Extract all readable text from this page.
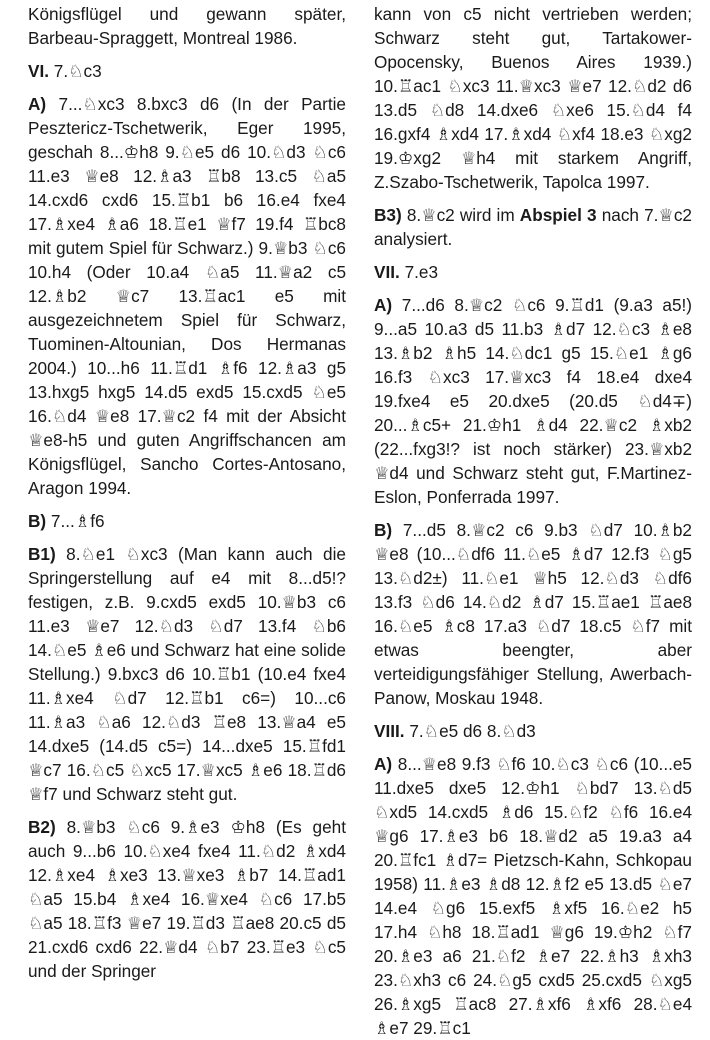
Königsflügel und gewann später, Barbeau-Spraggett, Montreal 1986.

VI. 7.♘c3

A) 7...♘xc3 8.bxc3 d6 (In der Partie Pesztericz-Tschetwerik, Eger 1995, geschah 8...♔h8 9.♘e5 d6 10.♘d3 ♘c6 11.e3 ♕e8 12.♗a3 ♖b8 13.c5 ♘a5 14.cxd6 cxd6 15.♖b1 b6 16.e4 fxe4 17.♗xe4 ♗a6 18.♖e1 ♕f7 19.f4 ♖bc8 mit gutem Spiel für Schwarz.) 9.♕b3 ♘c6 10.h4 (Oder 10.a4 ♘a5 11.♕a2 c5 12.♗b2 ♕c7 13.♖ac1 e5 mit ausgezeichnetem Spiel für Schwarz, Tuominen-Altounian, Dos Hermanas 2004.) 10...h6 11.♖d1 ♗f6 12.♗a3 g5 13.hxg5 hxg5 14.d5 exd5 15.cxd5 ♘e5 16.♘d4 ♕e8 17.♕c2 f4 mit der Absicht ♕e8-h5 und guten Angriffschancen am Königsflügel, Sancho Cortes-Antosano, Aragon 1994.

B) 7...♗f6

B1) 8.♘e1 ♘xc3 (Man kann auch die Springerstellung auf e4 mit 8...d5!? festigen, z.B. 9.cxd5 exd5 10.♕b3 c6 11.e3 ♕e7 12.♘d3 ♘d7 13.f4 ♘b6 14.♘e5 ♗e6 und Schwarz hat eine solide Stellung.) 9.bxc3 d6 10.♖b1 (10.e4 fxe4 11.♗xe4 ♘d7 12.♖b1 c6=) 10...c6 11.♗a3 ♘a6 12.♘d3 ♖e8 13.♕a4 e5 14.dxe5 (14.d5 c5=) 14...dxe5 15.♖fd1 ♕c7 16.♘c5 ♘xc5 17.♕xc5 ♗e6 18.♖d6 ♕f7 und Schwarz steht gut.

B2) 8.♕b3 ♘c6 9.♗e3 ♔h8 (Es geht auch 9...b6 10.♘xe4 fxe4 11.♘d2 ♗xd4 12.♗xe4 ♗xe3 13.♕xe3 ♗b7 14.♖ad1 ♘a5 15.b4 ♗xe4 16.♕xe4 ♘c6 17.b5 ♘a5 18.♖f3 ♕e7 19.♖d3 ♖ae8 20.c5 d5 21.cxd6 cxd6 22.♕d4 ♘b7 23.♖e3 ♘c5 und der Springer

kann von c5 nicht vertrieben werden; Schwarz steht gut, Tartakower-Opocensky, Buenos Aires 1939.) 10.♖ac1 ♘xc3 11.♕xc3 ♕e7 12.♘d2 d6 13.d5 ♘d8 14.dxe6 ♘xe6 15.♘d4 f4 16.gxf4 ♗xd4 17.♗xd4 ♘xf4 18.e3 ♘xg2 19.♔xg2 ♕h4 mit starkem Angriff, Z.Szabo-Tschetwerik, Tapolca 1997.

B3) 8.♕c2 wird im Abspiel 3 nach 7.♕c2 analysiert.

VII. 7.e3

A) 7...d6 8.♕c2 ♘c6 9.♖d1 (9.a3 a5!) 9...a5 10.a3 d5 11.b3 ♗d7 12.♘c3 ♗e8 13.♗b2 ♗h5 14.♘dc1 g5 15.♘e1 ♗g6 16.f3 ♘xc3 17.♕xc3 f4 18.e4 dxe4 19.fxe4 e5 20.dxe5 (20.d5 ♘d4∓) 20...♗c5+ 21.♔h1 ♗d4 22.♕c2 ♗xb2 (22...fxg3!? ist noch stärker) 23.♕xb2 ♕d4 und Schwarz steht gut, F.Martinez-Eslon, Ponferrada 1997.

B) 7...d5 8.♕c2 c6 9.b3 ♘d7 10.♗b2 ♕e8 (10...♘df6 11.♘e5 ♗d7 12.f3 ♘g5 13.♘d2±) 11.♘e1 ♕h5 12.♘d3 ♘df6 13.f3 ♘d6 14.♘d2 ♗d7 15.♖ae1 ♖ae8 16.♘e5 ♗c8 17.a3 ♘d7 18.c5 ♘f7 mit etwas beengter, aber verteidigungsfähiger Stellung, Awerbach-Panow, Moskau 1948.

VIII. 7.♘e5 d6 8.♘d3

A) 8...♕e8 9.f3 ♘f6 10.♘c3 ♘c6 (10...e5 11.dxe5 dxe5 12.♔h1 ♘bd7 13.♘d5 ♘xd5 14.cxd5 ♗d6 15.♘f2 ♘f6 16.e4 ♕g6 17.♗e3 b6 18.♕d2 a5 19.a3 a4 20.♖fc1 ♗d7= Pietzsch-Kahn, Schkopau 1958) 11.♗e3 ♗d8 12.♗f2 e5 13.d5 ♘e7 14.e4 ♘g6 15.exf5 ♗xf5 16.♘e2 h5 17.h4 ♘h8 18.♖ad1 ♕g6 19.♔h2 ♘f7 20.♗e3 a6 21.♘f2 ♗e7 22.♗h3 ♗xh3 23.♘xh3 c6 24.♘g5 cxd5 25.cxd5 ♘xg5 26.♗xg5 ♖ac8 27.♗xf6 ♗xf6 28.♘e4 ♗e7 29.♖c1
